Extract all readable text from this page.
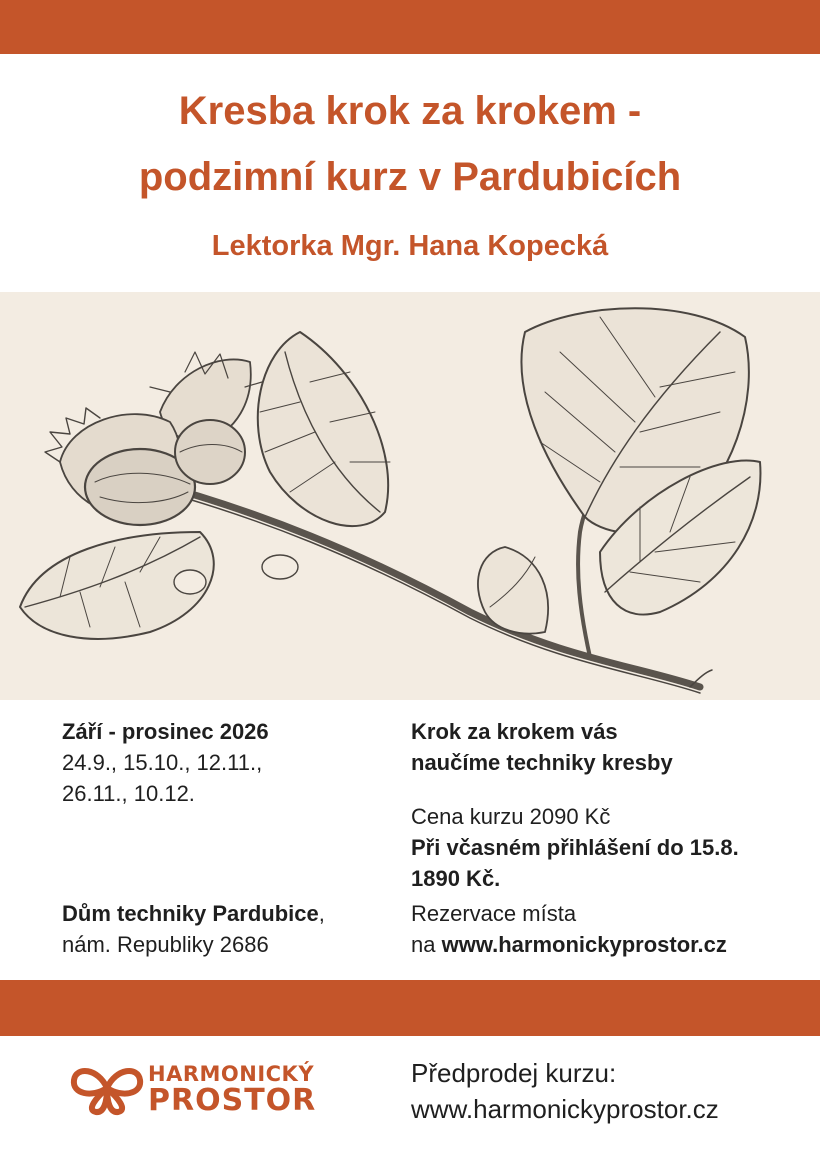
Kresba krok za krokem -
podzimní kurz v Pardubicích
Lektorka Mgr. Hana Kopecká
Září - prosinec 2026
24.9., 15.10., 12.11.,
26.11., 10.12.
Dům techniky Pardubice,
nám. Republiky 2686
Krok za krokem vás
naučíme techniky kresby
Cena kurzu 2090 Kč
Při včasném přihlášení do 15.8.
1890 Kč.
Rezervace místa
na www.harmonickyprostor.cz
HARMONICKÝ
PROSTOR
Předprodej kurzu:
www.harmonickyprostor.cz
